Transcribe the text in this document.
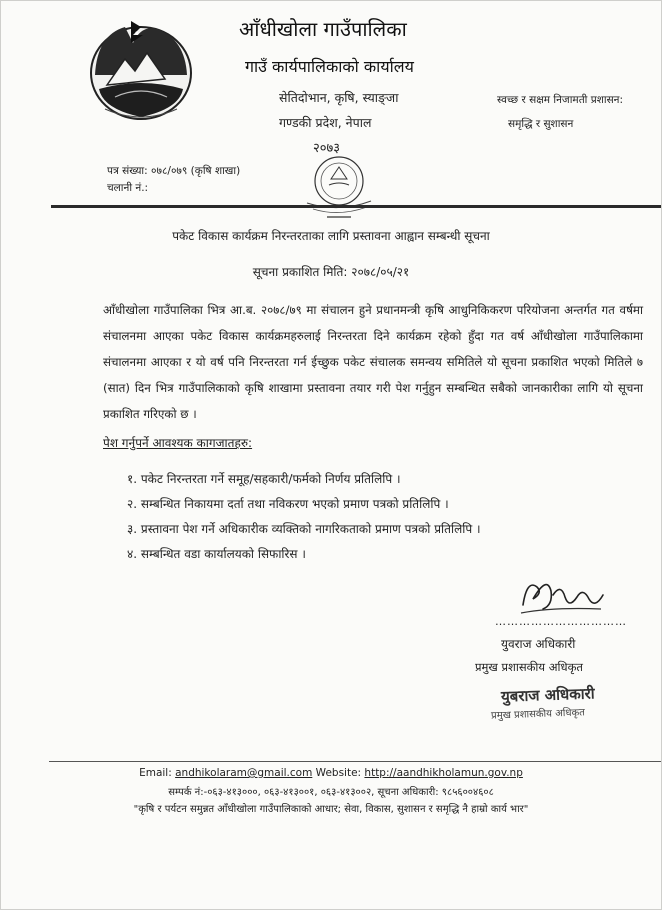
आँधीखोला गाउँपालिका
गाउँ कार्यपालिकाको कार्यालय
सेतिदोभान, कृषि, स्याङ्जा
गण्डकी प्रदेश, नेपाल
२०७३
स्वच्छ र सक्षम निजामती प्रशासन:
समृद्धि र सुशासन
पत्र संख्या: ०७८/०७९ (कृषि शाखा)
चलानी नं.:
पकेट विकास कार्यक्रम निरन्तरताका लागि प्रस्तावना आह्वान सम्बन्धी सूचना
सूचना प्रकाशित मिति: २०७८/०५/२१
आँधीखोला गाउँपालिका भित्र आ.ब. २०७८/७९ मा संचालन हुने प्रधानमन्त्री कृषि आधुनिकिकरण परियोजना अन्तर्गत गत वर्षमा संचालनमा आएका पकेट विकास कार्यक्रमहरुलाई निरन्तरता दिने कार्यक्रम रहेको हुँदा गत वर्ष आँधीखोला गाउँपालिकामा संचालनमा आएका र यो वर्ष पनि निरन्तरता गर्न ईच्छुक पकेट संचालक समन्वय समितिले यो सूचना प्रकाशित भएको मितिले ७ (सात) दिन भित्र गाउँपालिकाको कृषि शाखामा प्रस्तावना तयार गरी पेश गर्नुहुन सम्बन्धित सबैको जानकारीका लागि यो सूचना प्रकाशित गरिएको छ ।
पेश गर्नुपर्ने आवश्यक कागजातहरु:
१. पकेट निरन्तरता गर्ने समूह/सहकारी/फर्मको निर्णय प्रतिलिपि ।
२. सम्बन्धित निकायमा दर्ता तथा नविकरण भएको प्रमाण पत्रको प्रतिलिपि ।
३. प्रस्तावना पेश गर्ने अधिकारीक व्यक्तिको नागरिकताको प्रमाण पत्रको प्रतिलिपि ।
४. सम्बन्धित वडा कार्यालयको सिफारिस ।
……………………………
युवराज अधिकारी
प्रमुख प्रशासकीय अधिकृत
युबराज अधिकारी
प्रमुख प्रशासकीय अधिकृत
Email: andhikolaram@gmail.com Website: http://aandhikholamun.gov.np
सम्पर्क नं:-०६३-४१३०००, ०६३-४१३००१, ०६३-४१३००२, सूचना अधिकारी: ९८५६००४६०८
"कृषि र पर्यटन समुन्नत आँधीखोला गाउँपालिकाको आधार; सेवा, विकास, सुशासन र समृद्धि नै हाम्रो कार्य भार"
